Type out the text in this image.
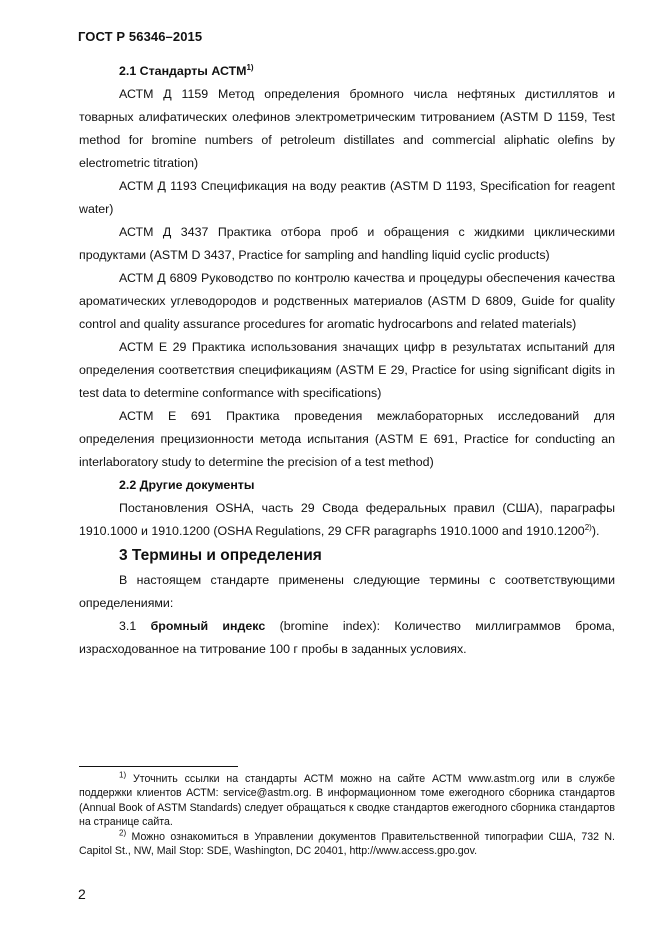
ГОСТ Р 56346–2015

2.1 Стандарты АСТМ$^{1)}$

АСТМ Д 1159 Метод определения бромного числа нефтяных дистиллятов и товарных алифатических олефинов электрометрическим титрованием (ASTM D 1159, Test method for bromine numbers of petroleum distillates and commercial aliphatic olefins by electrometric titration)

АСТМ Д 1193 Спецификация на воду реактив (ASTM D 1193, Specification for reagent water)

АСТМ Д 3437 Практика отбора проб и обращения с жидкими циклическими продуктами (ASTM D 3437, Practice for sampling and handling liquid cyclic products)

АСТМ Д 6809 Руководство по контролю качества и процедуры обеспечения качества ароматических углеводородов и родственных материалов (ASTM D 6809, Guide for quality control and quality assurance procedures for aromatic hydrocarbons and related materials)

АСТМ Е 29 Практика использования значащих цифр в результатах испытаний для определения соответствия спецификациям (ASTM E 29, Practice for using significant digits in test data to determine conformance with specifications)

АСТМ Е 691 Практика проведения межлабораторных исследований для определения прецизионности метода испытания (ASTM E 691, Practice for conducting an interlaboratory study to determine the precision of a test method)

2.2 Другие документы

Постановления OSHA, часть 29 Свода федеральных правил (США), параграфы 1910.1000 и 1910.1200 (OSHA Regulations, 29 CFR paragraphs 1910.1000 and 1910.1200$^{2)}$).

3 Термины и определения

В настоящем стандарте применены следующие термины с соответствующими определениями:

3.1 бромный индекс (bromine index): Количество миллиграммов брома, израсходованное на титрование 100 г пробы в заданных условиях.

$^{1)}$ Уточнить ссылки на стандарты АСТМ можно на сайте АСТМ www.astm.org или в службе поддержки клиентов АСТМ: service@astm.org. В информационном томе ежегодного сборника стандартов (Annual Book of ASTM Standards) следует обращаться к сводке стандартов ежегодного сборника стандартов на странице сайта.

$^{2)}$ Можно ознакомиться в Управлении документов Правительственной типографии США, 732 N. Capitol St., NW, Mail Stop: SDE, Washington, DC 20401, http://www.access.gpo.gov.

2
